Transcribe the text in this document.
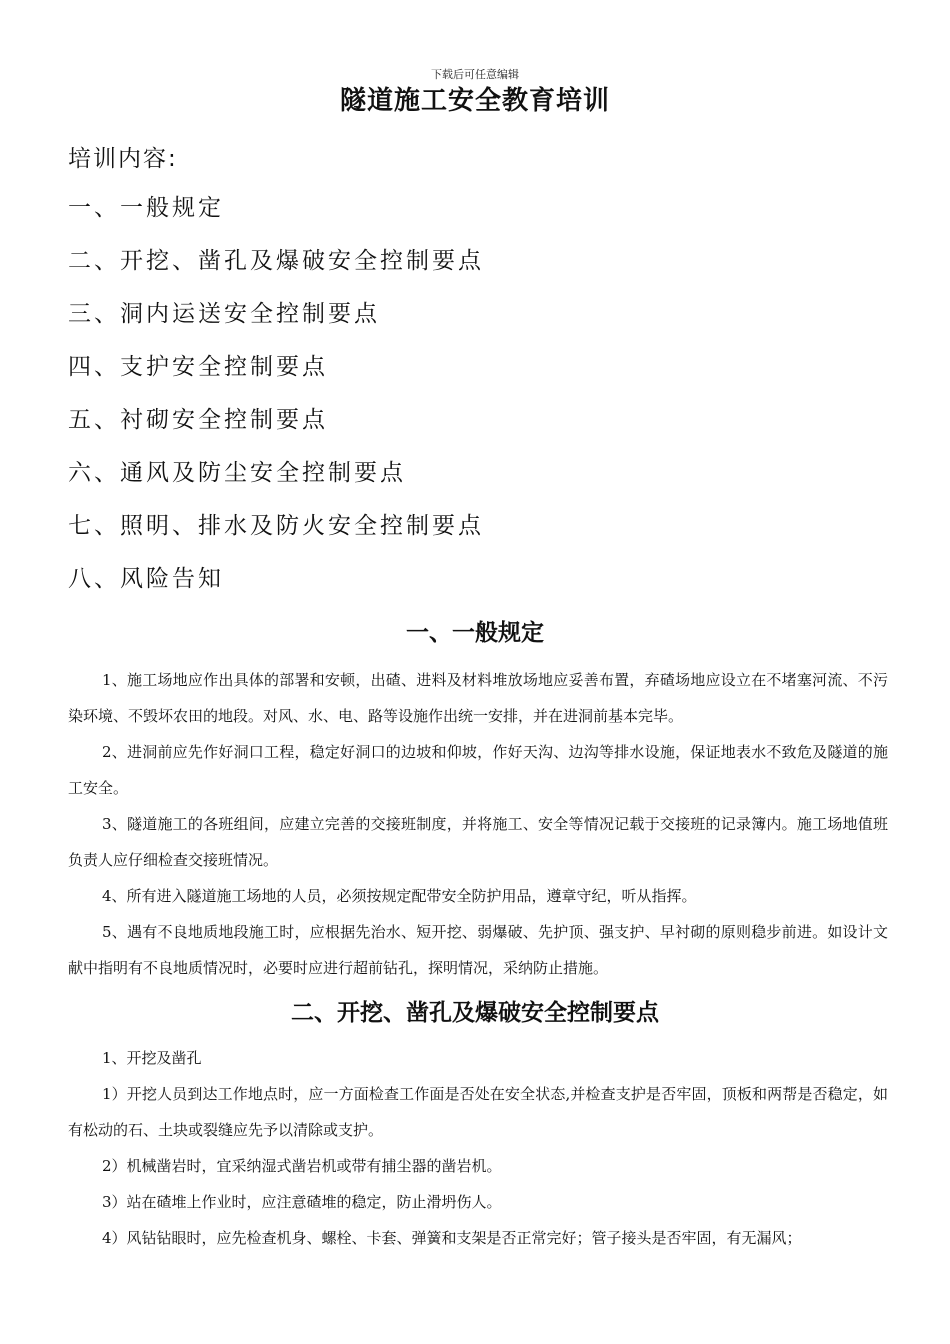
下载后可任意编辑
隧道施工安全教育培训
培训内容:
一、一般规定
二、开挖、凿孔及爆破安全控制要点
三、洞内运送安全控制要点
四、支护安全控制要点
五、衬砌安全控制要点
六、通风及防尘安全控制要点
七、照明、排水及防火安全控制要点
八、风险告知
一、一般规定

1、施工场地应作出具体的部署和安顿，出碴、进料及材料堆放场地应妥善布置，弃碴场地应设立在不堵塞河流、不污染环境、不毁坏农田的地段。对风、水、电、路等设施作出统一安排，并在进洞前基本完毕。

2、进洞前应先作好洞口工程，稳定好洞口的边坡和仰坡，作好天沟、边沟等排水设施，保证地表水不致危及隧道的施工安全。

3、隧道施工的各班组间，应建立完善的交接班制度，并将施工、安全等情况记载于交接班的记录簿内。施工场地值班负责人应仔细检查交接班情况。

4、所有进入隧道施工场地的人员，必须按规定配带安全防护用品，遵章守纪，听从指挥。

5、遇有不良地质地段施工时，应根据先治水、短开挖、弱爆破、先护顶、强支护、早衬砌的原则稳步前进。如设计文献中指明有不良地质情况时，必要时应进行超前钻孔，探明情况，采纳防止措施。

二、开挖、凿孔及爆破安全控制要点

1、开挖及凿孔

1）开挖人员到达工作地点时，应一方面检查工作面是否处在安全状态,并检查支护是否牢固，顶板和两帮是否稳定，如有松动的石、土块或裂缝应先予以清除或支护。

2）机械凿岩时，宜采纳湿式凿岩机或带有捕尘器的凿岩机。

3）站在碴堆上作业时，应注意碴堆的稳定，防止滑坍伤人。

4）风钻钻眼时，应先检查机身、螺栓、卡套、弹簧和支架是否正常完好；管子接头是否牢固，有无漏风；
